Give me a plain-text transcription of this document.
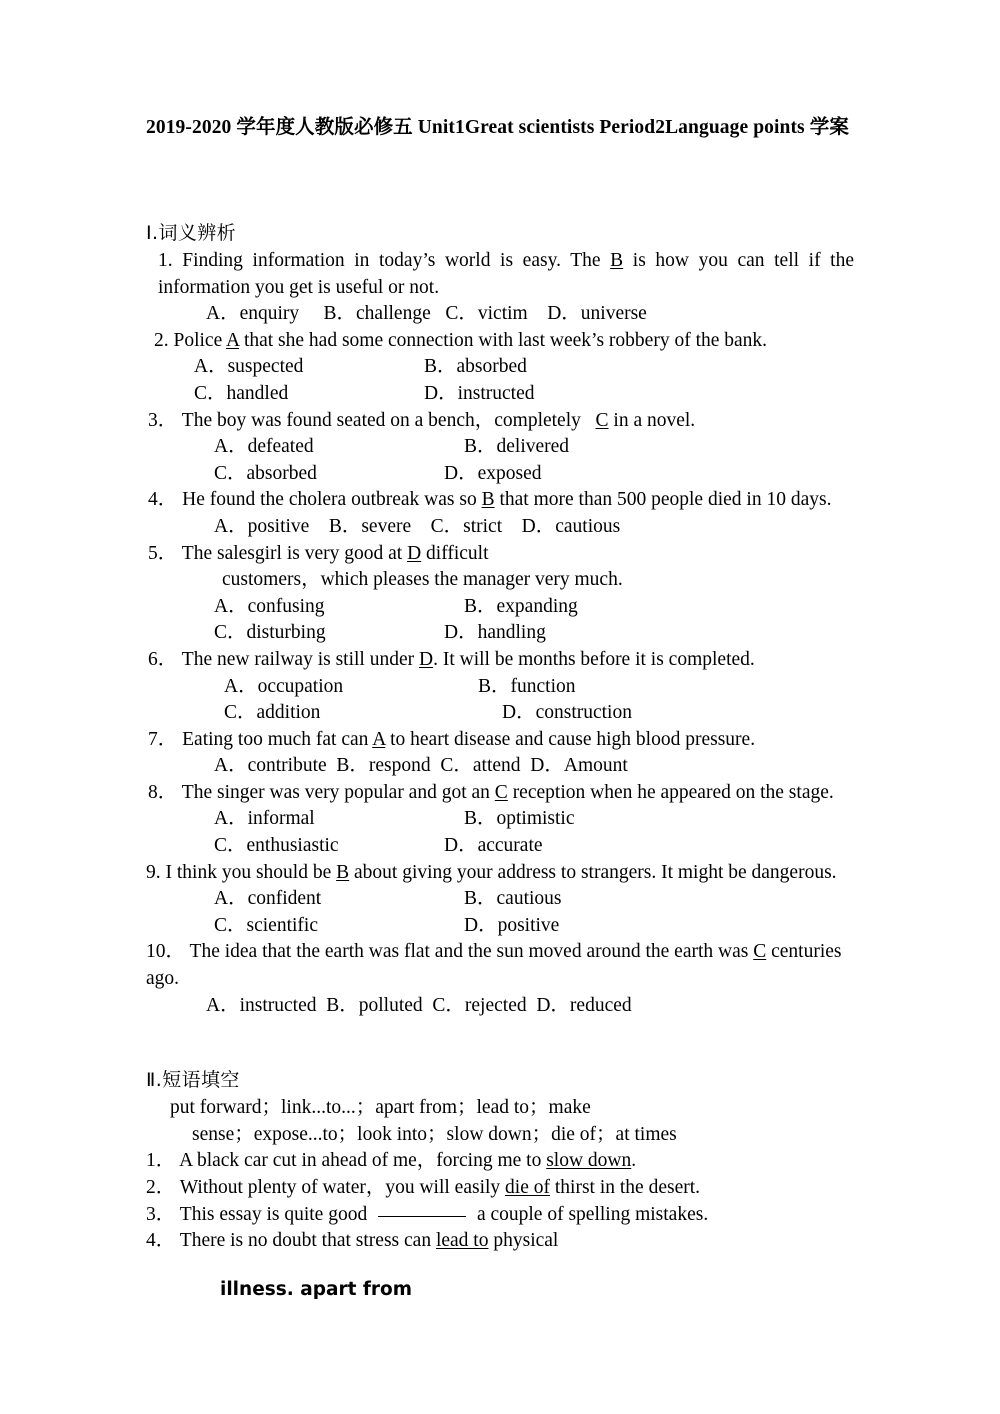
2019-2020 学年度人教版必修五 Unit1Great scientists Period2Language points 学案
Ⅰ.词义辨析
1. Finding information in today’s world is easy. The B is how you can tell if the information you get is useful or not.
A．enquiry     B．challenge   C．victim    D．universe
2. Police A that she had some connection with last week’s robbery of the bank.
A．suspected	B．absorbed
C．handled	D．instructed
3． The boy was found seated on a bench，completely   C in a novel.
A．defeated	B．delivered
C．absorbed	D．exposed
4． He found the cholera outbreak was so B that more than 500 people died in 10 days.
A．positive    B．severe    C．strict    D．cautious
5． The salesgirl is very good at D difficult
customers，which pleases the manager very much.
A．confusing	B．expanding
C．disturbing	D．handling
6． The new railway is still under D. It will be months before it is completed.
A．occupation	B．function
C．addition	D．construction
7． Eating too much fat can A to heart disease and cause high blood pressure.
A．contribute  B．respond  C．attend  D．Amount
8． The singer was very popular and got an C reception when he appeared on the stage.
A．informal	B．optimistic
C．enthusiastic	D．accurate
9. I think you should be B about giving your address to strangers. It might be dangerous.
A．confident	B．cautious
C．scientific	D．positive
10． The idea that the earth was flat and the sun moved around the earth was C centuries ago.
A．instructed  B．polluted  C．rejected  D．reduced
Ⅱ.短语填空
put forward；link...to...；apart from；lead to；make
sense；expose...to；look into；slow down；die of；at times
1． A black car cut in ahead of me，forcing me to slow down.
2． Without plenty of water，you will easily die of thirst in the desert.
3． This essay is quite good	a couple of spelling mistakes.
4． There is no doubt that stress can lead to physical
illness. apart from
